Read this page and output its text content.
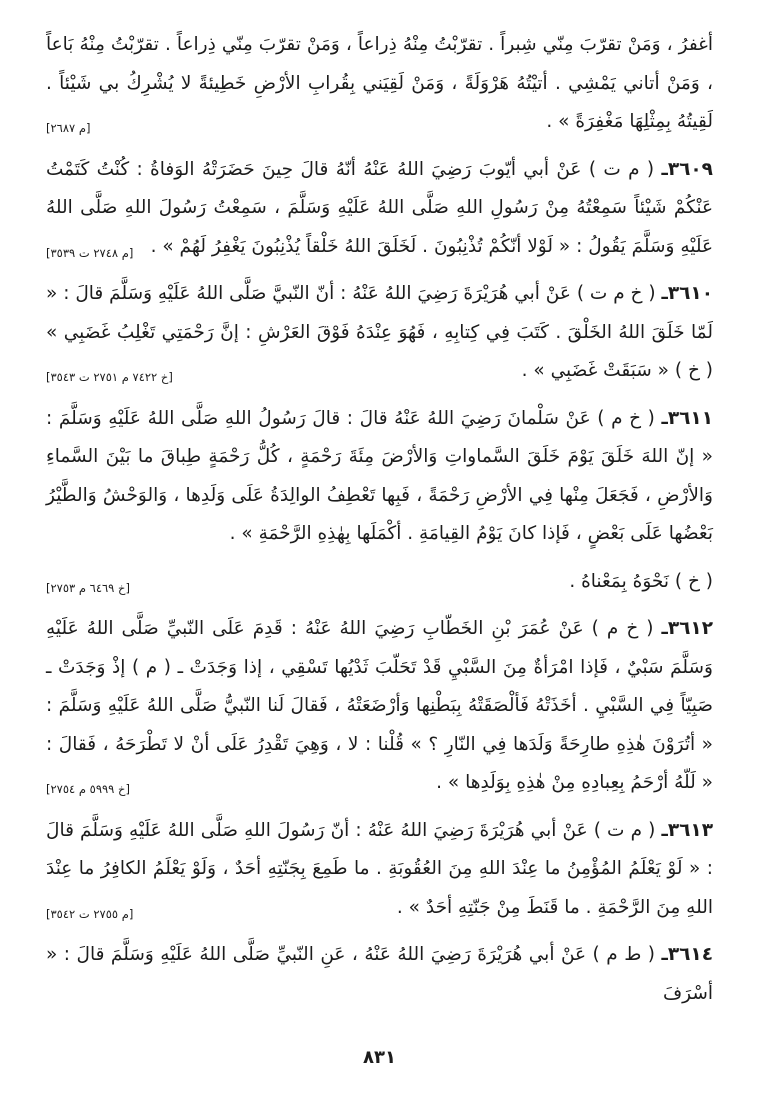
أغفرُ ، وَمَنْ تقرّبَ مِنّي شِبراً . تقرّبْتُ مِنْهُ ذِراعاً ، وَمَنْ تقرّبَ مِنّي ذِراعاً . تقرّبْتُ مِنْهُ بَاعاً ، وَمَنْ أتاني يَمْشِي . أتيْتُهُ هَرْوَلَةً ، وَمَنْ لَقِيَني بِقُرابِ الأرْضِ خَطِيئةً لا يُشْرِكُ بي شَيْئاً . لَقِيتُهُ بِمِثْلِهَا مَغْفِرَةً » .
[م ٢٦٨٧]

٣٦٠٩ـ ( م ت ) عَنْ أبي أيّوبَ رَضِيَ اللهُ عَنْهُ أنّهُ قالَ حِينَ حَضَرَتْهُ الوَفاةُ : كُنْتُ كَتَمْتُ عَنْكُمْ شَيْئاً سَمِعْتُهُ مِنْ رَسُولِ اللهِ صَلَّى اللهُ عَلَيْهِ وَسَلَّمَ ، سَمِعْتُ رَسُولَ اللهِ صَلَّى اللهُ عَلَيْهِ وَسَلَّمَ يَقُولُ : « لَوْلا أنّكُمْ تُذْنِبُونَ . لَخَلَقَ اللهُ خَلْقاً يُذْنِبُونَ يَغْفِرُ لَهُمْ » .
[م ٢٧٤٨ ت ٣٥٣٩]

٣٦١٠ـ ( خ م ت ) عَنْ أبي هُرَيْرَةَ رَضِيَ اللهُ عَنْهُ : أنّ النّبيَّ صَلَّى اللهُ عَلَيْهِ وَسَلَّمَ قالَ : « لَمّا خَلَقَ اللهُ الخَلْقَ . كَتَبَ فِي كِتابِهِ ، فَهُوَ عِنْدَهُ فَوْقَ العَرْشِ : إنَّ رَحْمَتِي تَغْلِبُ غَضَبِي » ( خ ) « سَبَقَتْ غَضَبِي » .
[خ ٧٤٢٢ م ٢٧٥١ ت ٣٥٤٣]

٣٦١١ـ ( خ م ) عَنْ سَلْمانَ رَضِيَ اللهُ عَنْهُ قالَ : قالَ رَسُولُ اللهِ صَلَّى اللهُ عَلَيْهِ وَسَلَّمَ : « إنّ اللهَ خَلَقَ يَوْمَ خَلَقَ السَّماواتِ وَالأرْضَ مِئَةَ رَحْمَةٍ ، كُلُّ رَحْمَةٍ طِباقَ ما بَيْنَ السَّماءِ وَالأرْضِ ، فَجَعَلَ مِنْها فِي الأرْضِ رَحْمَةً ، فَبِها تَعْطِفُ الوالِدَةُ عَلَى وَلَدِها ، وَالوَحْشُ وَالطَّيْرُ بَعْضُها عَلَى بَعْضٍ ، فَإذا كانَ يَوْمُ القِيامَةِ . أكْمَلَها بِهٰذِهِ الرَّحْمَةِ » .

( خ ) نَحْوَهُ بِمَعْناهُ .
[خ ٦٤٦٩ م ٢٧٥٣]

٣٦١٢ـ ( خ م ) عَنْ عُمَرَ بْنِ الخَطّابِ رَضِيَ اللهُ عَنْهُ : قَدِمَ عَلَى النّبيِّ صَلَّى اللهُ عَلَيْهِ وَسَلَّمَ سَبْيٌ ، فَإذا امْرَأةٌ مِنَ السَّبْيِ قَدْ تَحَلّبَ ثَدْيُها تَسْقِي ، إذا وَجَدَتْ ـ ( م ) إذْ وَجَدَتْ ـ صَبِيّاً فِي السَّبْيِ . أخَذَتْهُ فَألْصَقَتْهُ بِبَطْنِها وَأرْضَعَتْهُ ، فَقالَ لَنا النّبيُّ صَلَّى اللهُ عَلَيْهِ وَسَلَّمَ : « أتُرَوْنَ هٰذِهِ طارِحَةً وَلَدَها فِي النّارِ ؟ » قُلْنا : لا ، وَهِيَ تَقْدِرُ عَلَى أنْ لا تَطْرَحَهُ ، فَقالَ : « لَلّهُ أرْحَمُ بِعِبادِهِ مِنْ هٰذِهِ بِوَلَدِها » .
[خ ٥٩٩٩ م ٢٧٥٤]

٣٦١٣ـ ( م ت ) عَنْ أبي هُرَيْرَةَ رَضِيَ اللهُ عَنْهُ : أنّ رَسُولَ اللهِ صَلَّى اللهُ عَلَيْهِ وَسَلَّمَ قالَ : « لَوْ يَعْلَمُ المُؤْمِنُ ما عِنْدَ اللهِ مِنَ العُقُوبَةِ . ما طَمِعَ بِجَنّتِهِ أحَدٌ ، وَلَوْ يَعْلَمُ الكافِرُ ما عِنْدَ اللهِ مِنَ الرَّحْمَةِ . ما قَنَطَ مِنْ جَنّتِهِ أحَدٌ » .
[م ٢٧٥٥ ت ٣٥٤٢]

٣٦١٤ـ ( ط م ) عَنْ أبي هُرَيْرَةَ رَضِيَ اللهُ عَنْهُ ، عَنِ النّبيِّ صَلَّى اللهُ عَلَيْهِ وَسَلَّمَ قالَ : « أسْرَفَ

٨٣١
